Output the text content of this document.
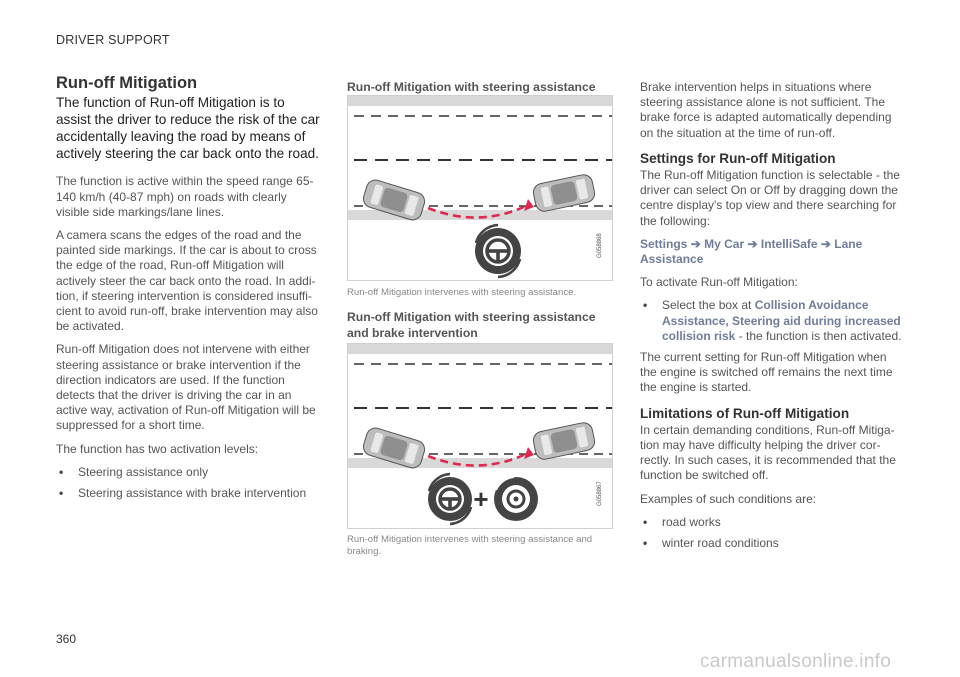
DRIVER SUPPORT
Run-off Mitigation
The function of Run-off Mitigation is to assist the driver to reduce the risk of the car accidentally leaving the road by means of actively steering the car back onto the road.

The function is active within the speed range 65-140 km/h (40-87 mph) on roads with clearly visible side markings/lane lines.

A camera scans the edges of the road and the painted side markings. If the car is about to cross the edge of the road, Run-off Mitigation will actively steer the car back onto the road. In addi-tion, if steering intervention is considered insuffi-cient to avoid run-off, brake intervention may also be activated.

Run-off Mitigation does not intervene with either steering assistance or brake intervention if the direction indicators are used. If the function detects that the driver is driving the car in an active way, activation of Run-off Mitigation will be suppressed for a short time.

The function has two activation levels:

•	Steering assistance only
•	Steering assistance with brake intervention
Run-off Mitigation with steering assistance
G058868
Run-off Mitigation intervenes with steering assistance.
Run-off Mitigation with steering assistance and brake intervention
+	G058867
Run-off Mitigation intervenes with steering assistance and braking.

Brake intervention helps in situations where steering assistance alone is not sufficient. The brake force is adapted automatically depending on the situation at the time of run-off.

Settings for Run-off Mitigation

The Run-off Mitigation function is selectable - the driver can select On or Off by dragging down the centre display's top view and there searching for the following:

Settings ➔ My Car ➔ IntelliSafe ➔ Lane Assistance

To activate Run-off Mitigation:

•	Select the box at Collision Avoidance Assistance, Steering aid during increased collision risk - the function is then activated.

The current setting for Run-off Mitigation when the engine is switched off remains the next time the engine is started.

Limitations of Run-off Mitigation

In certain demanding conditions, Run-off Mitiga-tion may have difficulty helping the driver cor-rectly. In such cases, it is recommended that the function be switched off.

Examples of such conditions are:

•	road works
•	winter road conditions
360
carmanualsonline.info
